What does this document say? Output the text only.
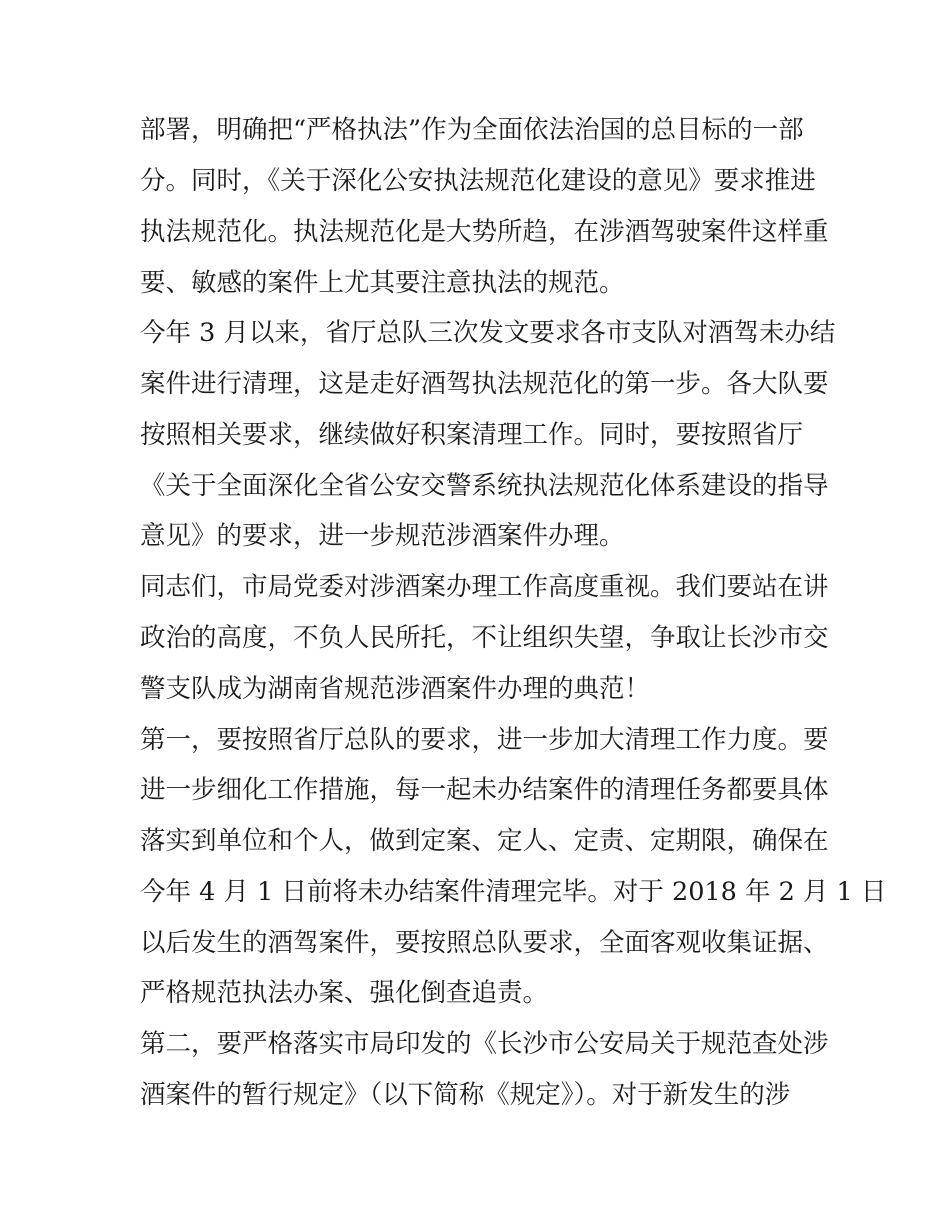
部署，明确把“严格执法”作为全面依法治国的总目标的一部
分。同时，《关于深化公安执法规范化建设的意见》要求推进
执法规范化。执法规范化是大势所趋，在涉酒驾驶案件这样重
要、敏感的案件上尤其要注意执法的规范。
今年 3 月以来，省厅总队三次发文要求各市支队对酒驾未办结
案件进行清理，这是走好酒驾执法规范化的第一步。各大队要
按照相关要求，继续做好积案清理工作。同时，要按照省厅
《关于全面深化全省公安交警系统执法规范化体系建设的指导
意见》的要求，进一步规范涉酒案件办理。
同志们，市局党委对涉酒案办理工作高度重视。我们要站在讲
政治的高度，不负人民所托，不让组织失望，争取让长沙市交
警支队成为湖南省规范涉酒案件办理的典范！
第一，要按照省厅总队的要求，进一步加大清理工作力度。要
进一步细化工作措施，每一起未办结案件的清理任务都要具体
落实到单位和个人，做到定案、定人、定责、定期限，确保在
今年 4 月 1 日前将未办结案件清理完毕。对于 2018 年 2 月 1 日
以后发生的酒驾案件，要按照总队要求，全面客观收集证据、
严格规范执法办案、强化倒查追责。
第二，要严格落实市局印发的《长沙市公安局关于规范查处涉
酒案件的暂行规定》（以下简称《规定》）。对于新发生的涉
